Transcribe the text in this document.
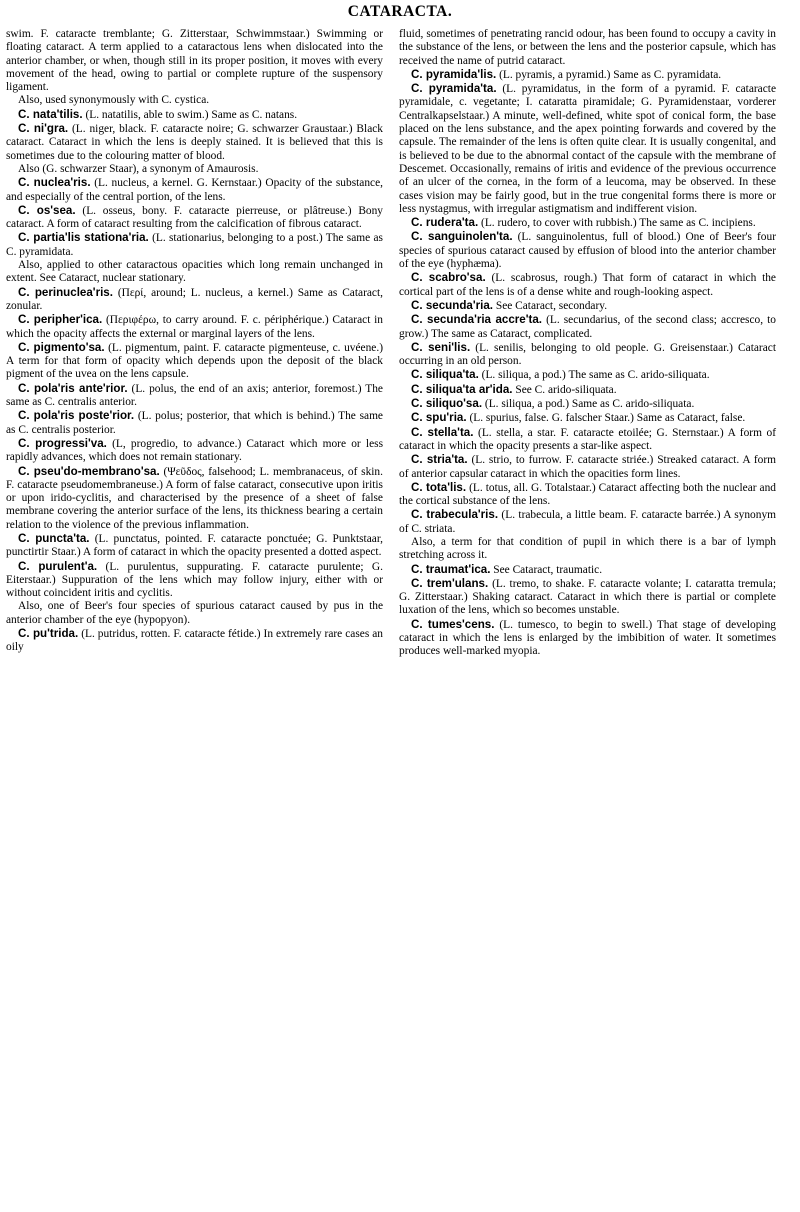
CATARACTA.

swim. F. cataracte tremblante; G. Zitterstaar, Schwimmstaar.) Swimming or floating cataract. A term applied to a cataractous lens when dislocated into the anterior chamber, or when, though still in its proper position, it moves with every movement of the head, owing to partial or complete rupture of the suspensory ligament.

Also, used synonymously with C. cystica.

C. nata'tilis. (L. natatilis, able to swim.) Same as C. natans.

C. ni'gra. (L. niger, black. F. cataracte noire; G. schwarzer Graustaar.) Black cataract. Cataract in which the lens is deeply stained. It is believed that this is sometimes due to the colouring matter of blood.

Also (G. schwarzer Staar), a synonym of Amaurosis.

C. nuclea'ris. (L. nucleus, a kernel. G. Kernstaar.) Opacity of the substance, and especially of the central portion, of the lens.

C. os'sea. (L. osseus, bony. F. cataracte pierreuse, or plâtreuse.) Bony cataract. A form of cataract resulting from the calcification of fibrous cataract.

C. partia'lis stationa'ria. (L. stationarius, belonging to a post.) The same as C. pyramidata.

Also, applied to other cataractous opacities which long remain unchanged in extent. See Cataract, nuclear stationary.

C. perinuclea'ris. (Περί, around; L. nucleus, a kernel.) Same as Cataract, zonular.

C. peripher'ica. (Περιφέρω, to carry around. F. c. périphérique.) Cataract in which the opacity affects the external or marginal layers of the lens.

C. pigmento'sa. (L. pigmentum, paint. F. cataracte pigmenteuse, c. uvéene.) A term for that form of opacity which depends upon the deposit of the black pigment of the uvea on the lens capsule.

C. pola'ris ante'rior. (L. polus, the end of an axis; anterior, foremost.) The same as C. centralis anterior.

C. pola'ris poste'rior. (L. polus; posterior, that which is behind.) The same as C. centralis posterior.

C. progressi'va. (L, progredio, to advance.) Cataract which more or less rapidly advances, which does not remain stationary.

C. pseu'do-membrano'sa. (Ψεῦδος, falsehood; L. membranaceus, of skin. F. cataracte pseudomembraneuse.) A form of false cataract, consecutive upon iritis or upon irido-cyclitis, and characterised by the presence of a sheet of false membrane covering the anterior surface of the lens, its thickness bearing a certain relation to the violence of the previous inflammation.

C. puncta'ta. (L. punctatus, pointed. F. cataracte ponctuée; G. Punktstaar, punctirtir Staar.) A form of cataract in which the opacity presented a dotted aspect.

C. purulent'a. (L. purulentus, suppurating. F. cataracte purulente; G. Eiterstaar.) Suppuration of the lens which may follow injury, either with or without coincident iritis and cyclitis.

Also, one of Beer's four species of spurious cataract caused by pus in the anterior chamber of the eye (hypopyon).

C. pu'trida. (L. putridus, rotten. F. cataracte fétide.) In extremely rare cases an oily

fluid, sometimes of penetrating rancid odour, has been found to occupy a cavity in the substance of the lens, or between the lens and the posterior capsule, which has received the name of putrid cataract.

C. pyramida'lis. (L. pyramis, a pyramid.) Same as C. pyramidata.

C. pyramida'ta. (L. pyramidatus, in the form of a pyramid. F. cataracte pyramidale, c. vegetante; I. cataratta piramidale; G. Pyramidenstaar, vorderer Centralkapselstaar.) A minute, well-defined, white spot of conical form, the base placed on the lens substance, and the apex pointing forwards and covered by the capsule. The remainder of the lens is often quite clear. It is usually congenital, and is believed to be due to the abnormal contact of the capsule with the membrane of Descemet. Occasionally, remains of iritis and evidence of the previous occurrence of an ulcer of the cornea, in the form of a leucoma, may be observed. In these cases vision may be fairly good, but in the true congenital forms there is more or less nystagmus, with irregular astigmatism and indifferent vision.

C. rudera'ta. (L. rudero, to cover with rubbish.) The same as C. incipiens.

C. sanguinolen'ta. (L. sanguinolentus, full of blood.) One of Beer's four species of spurious cataract caused by effusion of blood into the anterior chamber of the eye (hyphæma).

C. scabro'sa. (L. scabrosus, rough.) That form of cataract in which the cortical part of the lens is of a dense white and rough-looking aspect.

C. secunda'ria. See Cataract, secondary.

C. secunda'ria accre'ta. (L. secundarius, of the second class; accresco, to grow.) The same as Cataract, complicated.

C. seni'lis. (L. senilis, belonging to old people. G. Greisenstaar.) Cataract occurring in an old person.

C. siliqua'ta. (L. siliqua, a pod.) The same as C. arido-siliquata.

C. siliqua'ta ar'ida. See C. arido-siliquata.

C. siliquo'sa. (L. siliqua, a pod.) Same as C. arido-siliquata.

C. spu'ria. (L. spurius, false. G. falscher Staar.) Same as Cataract, false.

C. stella'ta. (L. stella, a star. F. cataracte etoilée; G. Sternstaar.) A form of cataract in which the opacity presents a star-like aspect.

C. stria'ta. (L. strio, to furrow. F. cataracte striée.) Streaked cataract. A form of anterior capsular cataract in which the opacities form lines.

C. tota'lis. (L. totus, all. G. Totalstaar.) Cataract affecting both the nuclear and the cortical substance of the lens.

C. trabecula'ris. (L. trabecula, a little beam. F. cataracte barrée.) A synonym of C. striata.

Also, a term for that condition of pupil in which there is a bar of lymph stretching across it.

C. traumat'ica. See Cataract, traumatic.

C. trem'ulans. (L. tremo, to shake. F. cataracte volante; I. cataratta tremula; G. Zitterstaar.) Shaking cataract. Cataract in which there is partial or complete luxation of the lens, which so becomes unstable.

C. tumes'cens. (L. tumesco, to begin to swell.) That stage of developing cataract in which the lens is enlarged by the imbibition of water. It sometimes produces well-marked myopia.
